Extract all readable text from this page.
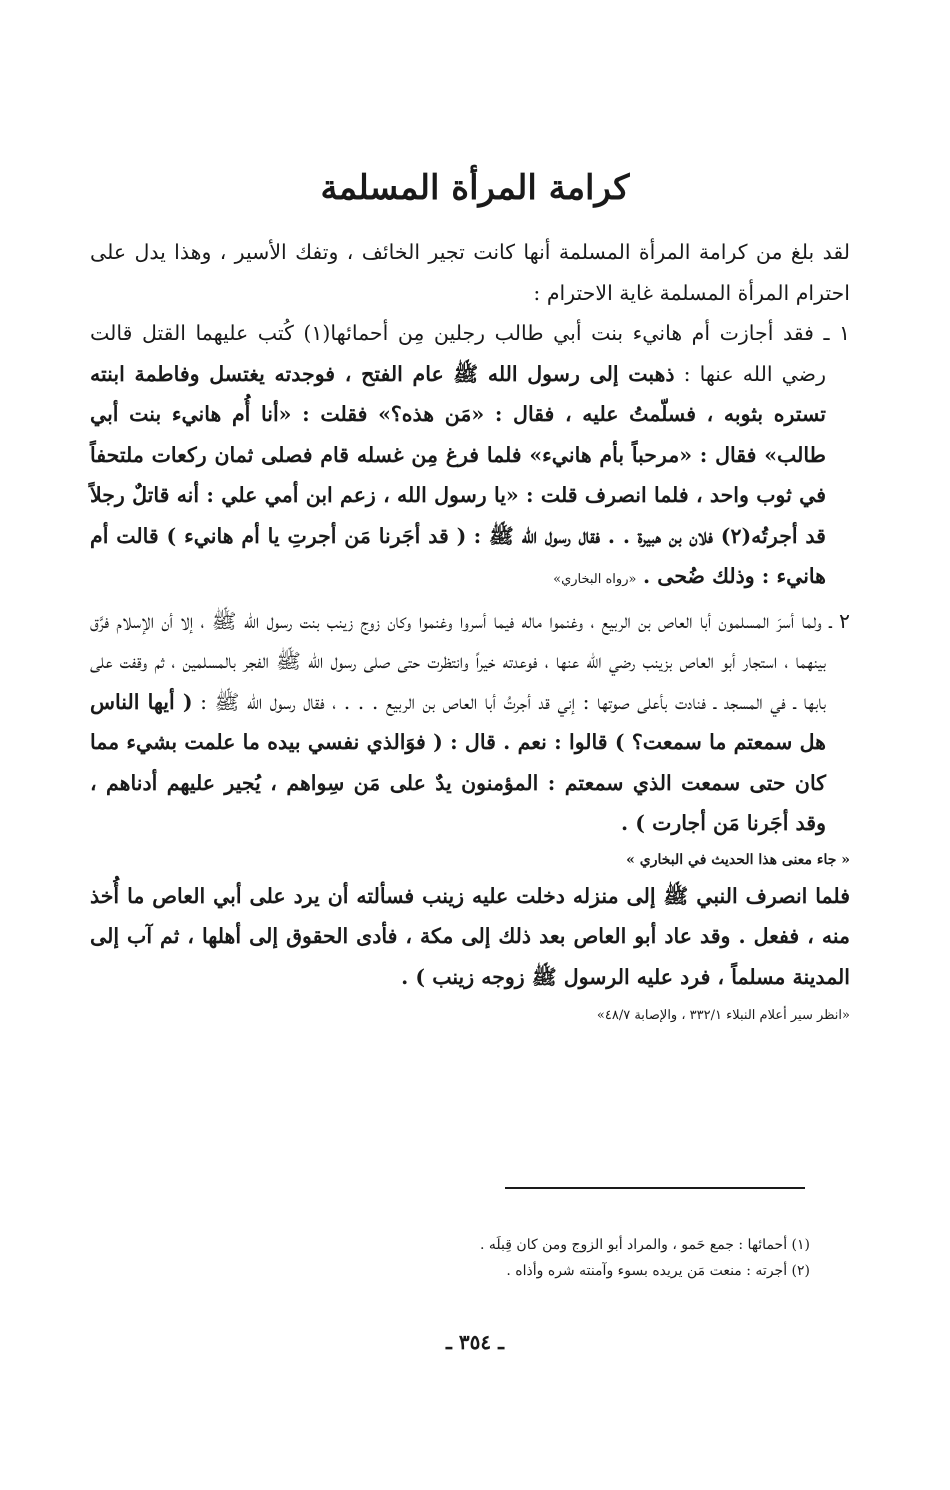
كرامة المرأة المسلمة

لقد بلغ من كرامة المرأة المسلمة أنها كانت تجير الخائف ، وتفك الأسير ، وهذا يدل على احترام المرأة المسلمة غاية الاحترام :

١ ـ فقد أجازت أم هانيء بنت أبي طالب رجلين مِن أحمائها(١) كُتب عليهما القتل قالت رضي الله عنها : ذهبت إلى رسول الله ﷺ عام الفتح ، فوجدته يغتسل وفاطمة ابنته تستره بثوبه ، فسلّمتُ عليه ، فقال : «مَن هذه؟» فقلت : «أنا أُم هانيء بنت أبي طالب» فقال : «مرحباً بأم هانيء» فلما فرغ مِن غسله قام فصلى ثمان ركعات ملتحفاً في ثوب واحد ، فلما انصرف قلت : «يا رسول الله ، زعم ابن أمي علي : أنه قاتلٌ رجلاً قد أجرتُه(٢) فلان بن هبيرة . . فقال رسول الله ﷺ : ( قد أجَرنا مَن أجرتِ يا أم هانيء ) قالت أم هانيء : وذلك ضُحى . «رواه البخاري»

٢ ـ ولما أسرَ المسلمون أبا العاص بن الربيع ، وغنموا ماله فيما أسروا وغنموا وكان زوج زينب بنت رسول الله ﷺ ، إلا أن الإسلام فرَّق بينهما ، استجار أبو العاص بزينب رضي الله عنها ، فوعدته خيراً وانتظرت حتى صلى رسول الله ﷺ الفجر بالمسلمين ، ثم وقفت على بابها ـ في المسجد ـ فنادت بأعلى صوتها : إني قد أجرتُ أبا العاص بن الربيع . . . ، فقال رسول الله ﷺ : ( أيها الناس هل سمعتم ما سمعت؟ ) قالوا : نعم . قال : ( فوَالذي نفسي بيده ما علمت بشيء مما كان حتى سمعت الذي سمعتم : المؤمنون يدٌ على مَن سِواهم ، يُجير عليهم أدناهم ، وقد أجَرنا مَن أجارت ) .

« جاء معنى هذا الحديث في البخاري »

فلما انصرف النبي ﷺ إلى منزله دخلت عليه زينب فسألته أن يرد على أبي العاص ما أُخذ منه ، ففعل . وقد عاد أبو العاص بعد ذلك إلى مكة ، فأدى الحقوق إلى أهلها ، ثم آب إلى المدينة مسلماً ، فرد عليه الرسول ﷺ زوجه زينب ) .

«انظر سير أعلام النبلاء ٣٣٢/١ ، والإصابة ٤٨/٧»

(١) أحمائها : جمع حَمو ، والمراد أبو الزوج ومن كان قِبلَه .

(٢) أجرته : منعت مَن يريده بسوء وآمنته شره وأذاه .

ـ ٣٥٤ ـ
